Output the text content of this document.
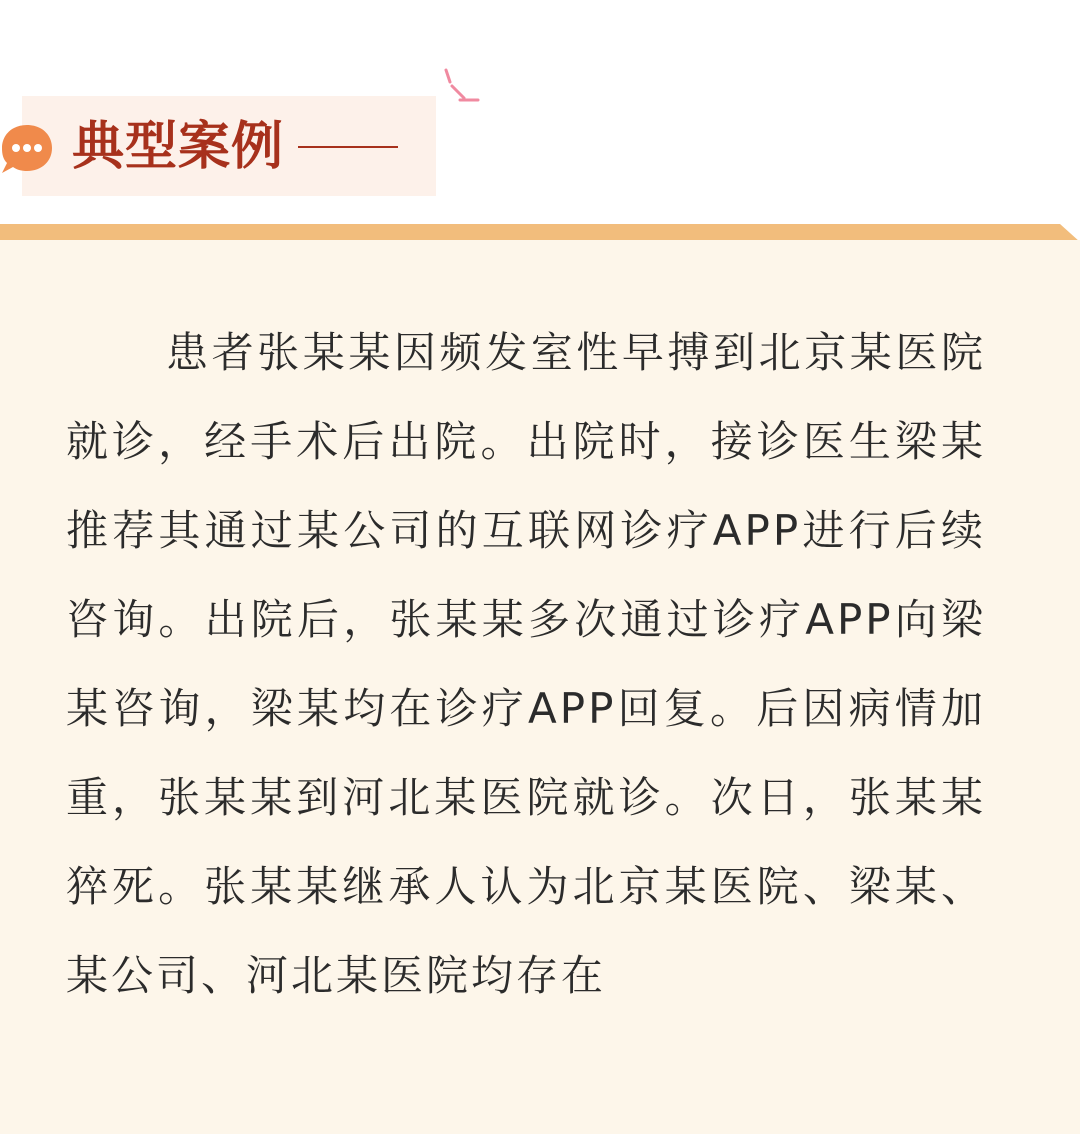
典型案例

患者张某某因频发室性早搏到北京某医院就诊，经手术后出院。出院时，接诊医生梁某推荐其通过某公司的互联网诊疗APP进行后续咨询。出院后，张某某多次通过诊疗APP向梁某咨询，梁某均在诊疗APP回复。后因病情加重，张某某到河北某医院就诊。次日，张某某猝死。张某某继承人认为北京某医院、梁某、某公司、河北某医院均存在
